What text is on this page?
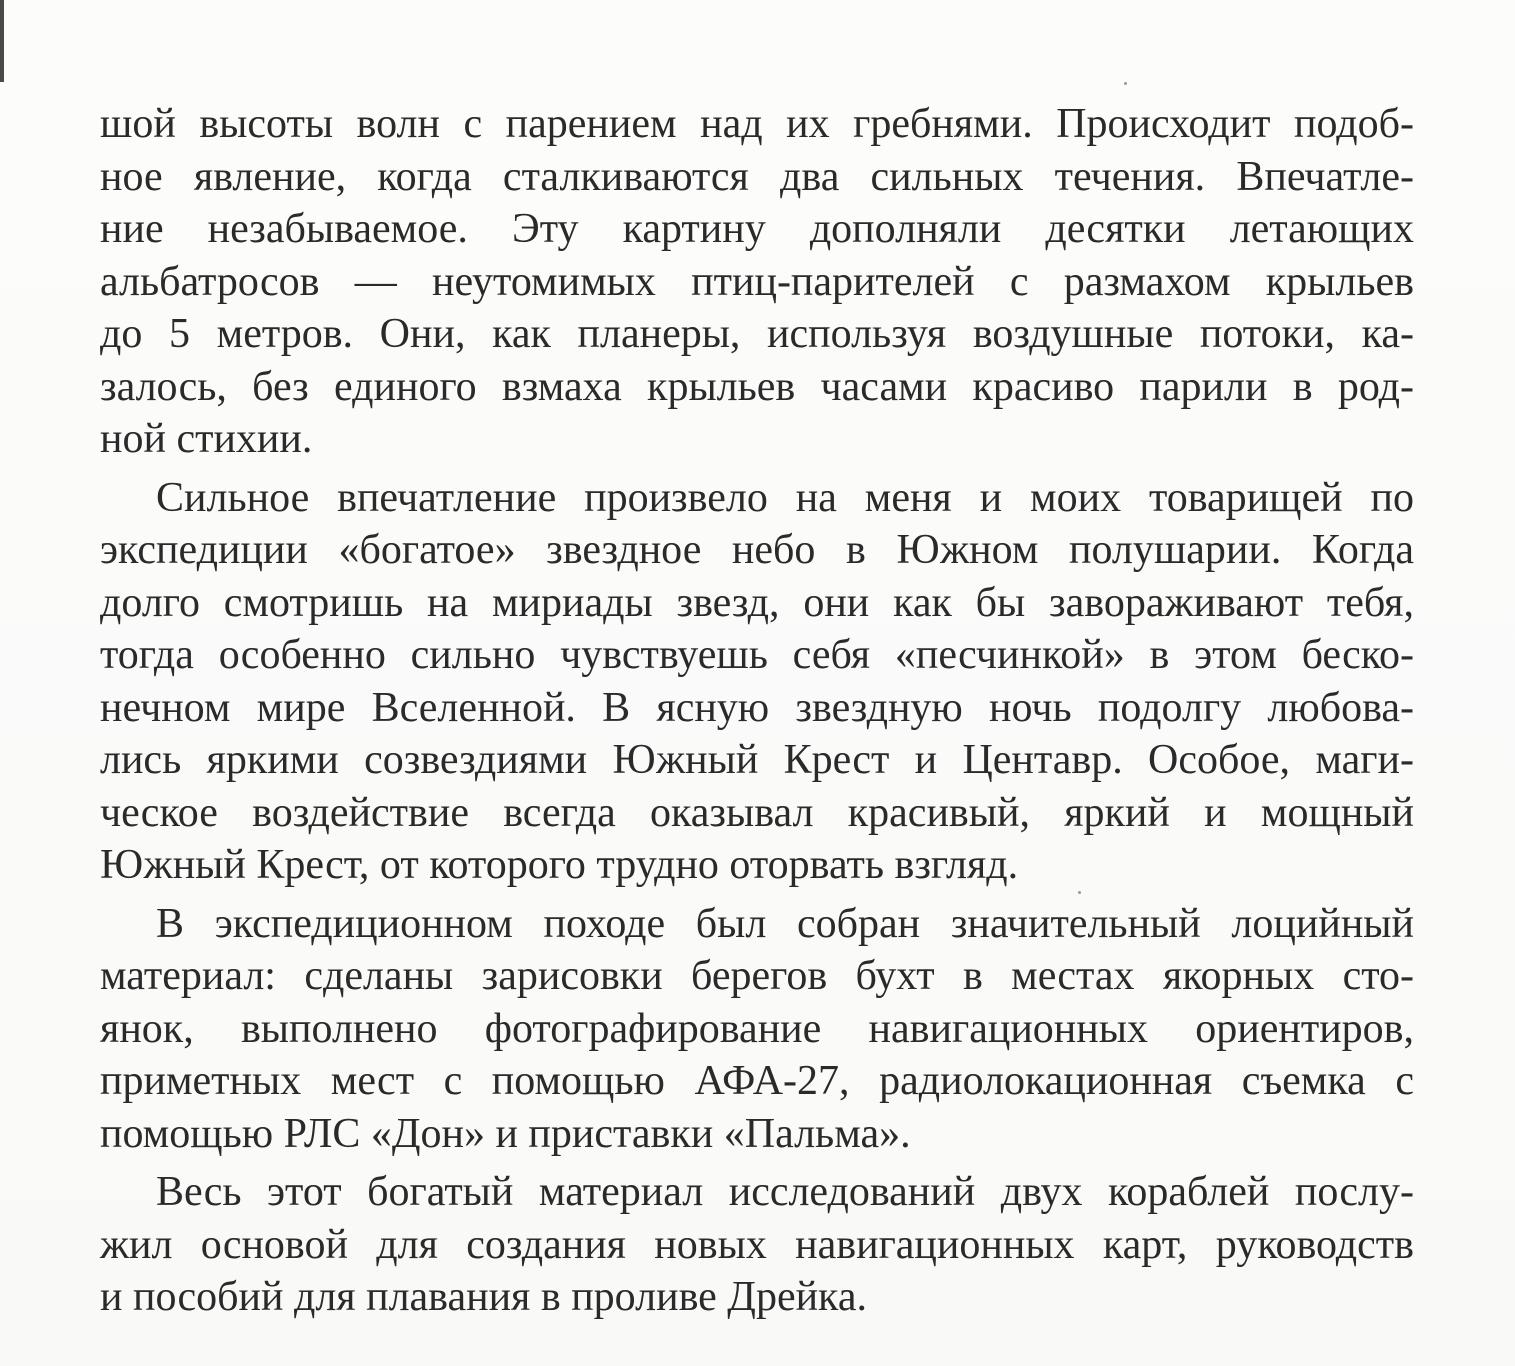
шой высоты волн с парением над их гребнями. Происходит подоб-
ное явление, когда сталкиваются два сильных течения. Впечатле-
ние незабываемое. Эту картину дополняли десятки летающих
альбатросов — неутомимых птиц-парителей с размахом крыльев
до 5 метров. Они, как планеры, используя воздушные потоки, ка-
залось, без единого взмаха крыльев часами красиво парили в род-
ной стихии.
Сильное впечатление произвело на меня и моих товарищей по
экспедиции «богатое» звездное небо в Южном полушарии. Когда
долго смотришь на мириады звезд, они как бы завораживают тебя,
тогда особенно сильно чувствуешь себя «песчинкой» в этом беско-
нечном мире Вселенной. В ясную звездную ночь подолгу любова-
лись яркими созвездиями Южный Крест и Центавр. Особое, маги-
ческое воздействие всегда оказывал красивый, яркий и мощный
Южный Крест, от которого трудно оторвать взгляд.
В экспедиционном походе был собран значительный лоцийный
материал: сделаны зарисовки берегов бухт в местах якорных сто-
янок, выполнено фотографирование навигационных ориентиров,
приметных мест с помощью АФА-27, радиолокационная съемка с
помощью РЛС «Дон» и приставки «Пальма».
Весь этот богатый материал исследований двух кораблей послу-
жил основой для создания новых навигационных карт, руководств
и пособий для плавания в проливе Дрейка.
